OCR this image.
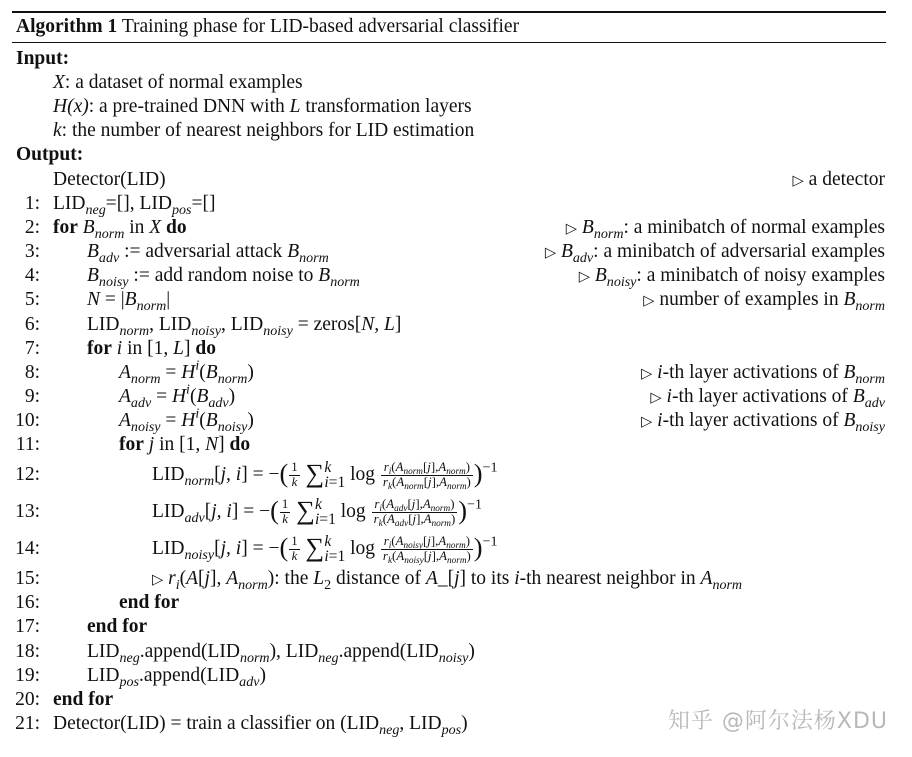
Algorithm 1 Training phase for LID-based adversarial classifier
Input:
X: a dataset of normal examples
H(x): a pre-trained DNN with L transformation layers
k: the number of nearest neighbors for LID estimation
Output:
Detector(LID)	▷ a detector
1: $LID_{neg}=[]$, $LID_{pos}=[]$
2: for $B_{norm}$ in X do	▷ $B_{norm}$: a minibatch of normal examples
3: $B_{adv}$ := adversarial attack $B_{norm}$	▷ $B_{adv}$: a minibatch of adversarial examples
4: $B_{noisy}$ := add random noise to $B_{norm}$	▷ $B_{noisy}$: a minibatch of noisy examples
5: $N = |B_{norm}|$	▷ number of examples in $B_{norm}$
6: $LID_{norm}$, $LID_{noisy}$, $LID_{noisy}$ = zeros[N, L]
7: for i in [1, L] do
8:	$A_{norm} = H^i(B_{norm})$	▷ i-th layer activations of $B_{norm}$
9:	$A_{adv} = H^i(B_{adv})$	▷ i-th layer activations of $B_{adv}$
10:	$A_{noisy} = H^i(B_{noisy})$	▷ i-th layer activations of $B_{noisy}$
11:	for j in [1, N] do
12:	$LID_{norm}[j$, i] = −( $\frac{1}{k} \sum k$
i=1 $\log \frac{r_i(A_{norm}[j],A_{norm})}{r_k(A_{norm}[j],A_{norm})} )^{-1}$
13:	$LID_{adv}[j$, i] = −( $\frac{1}{k} \sum k$
i=1 $\log \frac{r_i(A_{adv}[j],A_{norm})}{r_k(A_{adv}[j],A_{norm})} )^{-1}$
14:	$LID_{noisy}[j$, i] = −( $\frac{1}{k} \sum k$
i=1 $\log \frac{r_i(A_{noisy}[j],A_{norm})}{r_k(A_{noisy}[j],A_{norm})} )^{-1}$
15:	▷ $r_i(A[j]$, $A_{norm}$): the $L_2$ distance of A_[j] to its i-th nearest neighbor in $A_{norm}$
16:	end for
17: end for
18: $LID_{neg}.append(LID_{norm})$, $LID_{neg}.append(LID_{noisy})$
19: $LID_{pos}.append(LID_{adv})$
20: end for
21: Detector(LID) = train a classifier on ($LID_{neg}$, $LID_{pos}$)	知乎 @阿尔法杨XDU
